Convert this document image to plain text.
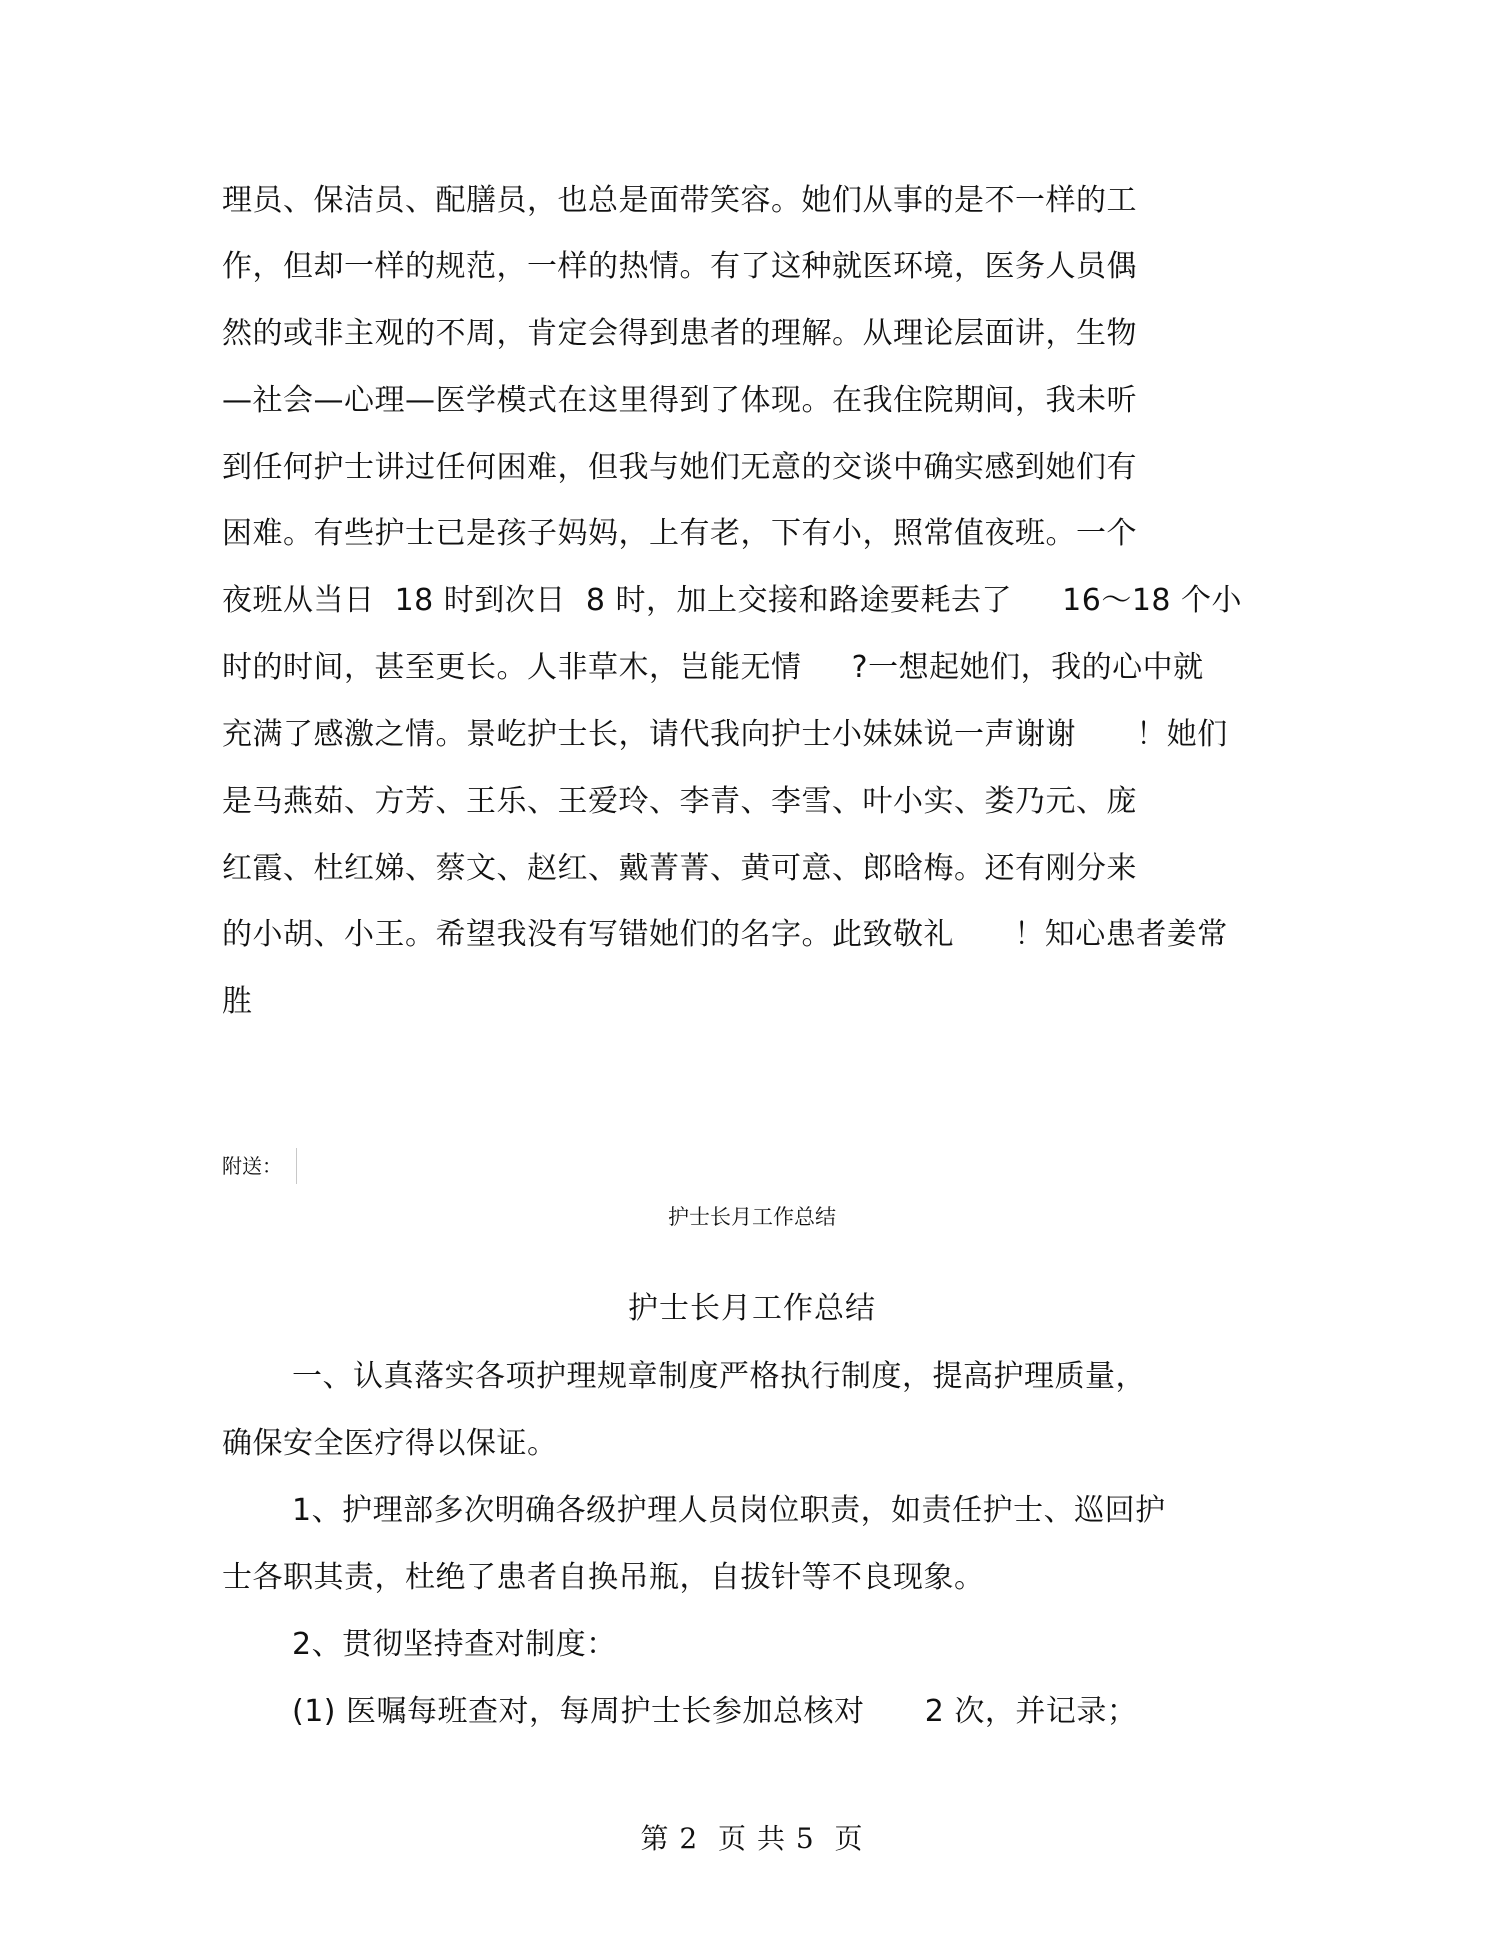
理员、保洁员、配膳员，也总是面带笑容。她们从事的是不一样的工
作，但却一样的规范，一样的热情。有了这种就医环境，医务人员偶
然的或非主观的不周，肯定会得到患者的理解。从理论层面讲，生物
—社会—心理—医学模式在这里得到了体现。在我住院期间，我未听
到任何护士讲过任何困难，但我与她们无意的交谈中确实感到她们有
困难。有些护士已是孩子妈妈，上有老，下有小，照常值夜班。一个
夜班从当日  18 时到次日  8 时，加上交接和路途要耗去了     16～18 个小
时的时间，甚至更长。人非草木，岂能无情     ?一想起她们，我的心中就
充满了感激之情。景屹护士长，请代我向护士小妹妹说一声谢谢      ！她们
是马燕茹、方芳、王乐、王爱玲、李青、李雪、叶小实、娄乃元、庞
红霞、杜红娣、蔡文、赵红、戴菁菁、黄可意、郎晗梅。还有刚分来
的小胡、小王。希望我没有写错她们的名字。此致敬礼      ！知心患者姜常
胜
附送：
护士长月工作总结
护士长月工作总结
一、认真落实各项护理规章制度严格执行制度，提高护理质量，
确保安全医疗得以保证。
1、护理部多次明确各级护理人员岗位职责，如责任护士、巡回护
士各职其责，杜绝了患者自换吊瓶，自拔针等不良现象。
2、贯彻坚持查对制度：
(1) 医嘱每班查对，每周护士长参加总核对      2 次，并记录；
第 2  页 共 5  页
